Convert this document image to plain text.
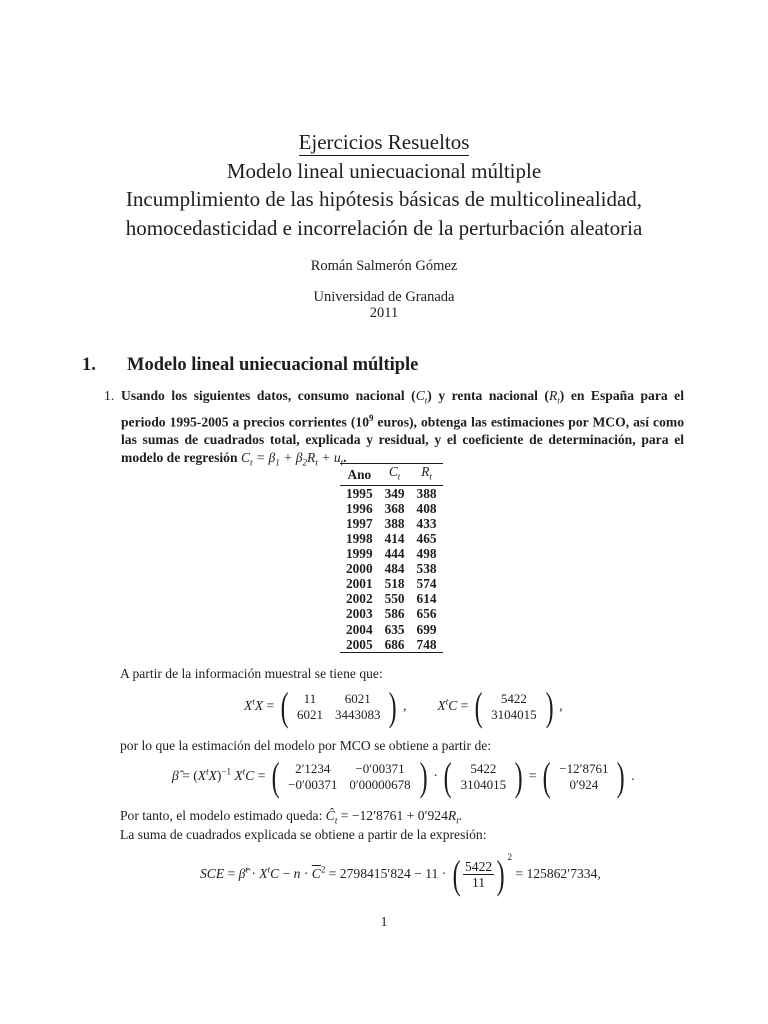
Ejercicios Resueltos
Modelo lineal uniecuacional múltiple
Incumplimiento de las hipótesis básicas de multicolinealidad,
homocedasticidad e incorrelación de la perturbación aleatoria
Román Salmerón Gómez
Universidad de Granada
2011
1. Modelo lineal uniecuacional múltiple
1. Usando los siguientes datos, consumo nacional $(C_t)$ y renta nacional $(R_t)$ en España para el periodo 1995-2005 a precios corrientes ($10^9$ euros), obtenga las estimaciones por MCO, así como las sumas de cuadrados total, explicada y residual, y el coeficiente de determinación, para el modelo de regresión $C_t = \beta_1 + \beta_2R_t + u_t$.
Ano	$C_t$	$R_t$
1995	349	388
1996	368	408
1997	388	433
1998	414	465
1999	444	498
2000	484	538
2001	518	574
2002	550	614
2003	586	656
2004	635	699
2005	686	748
A partir de la información muestral se tiene que:
$X^tX$ = ( 11	6021
6021	3443083 ) ,  $X^tC$ = ( 5422
3104015 ) ,
por lo que la estimación del modelo por MCO se obtiene a partir de:
β̂ = $(X^tX)^{-1}$ $X^tC$ = ( 2′1234	−0′00371
−0′00371	0′00000678 ) · ( 5422
3104015 ) = ( −12′8761
0′924 ) .
Por tanto, el modelo estimado queda: $Ĉ_t = -12'8761 + 0'924R_t$.
La suma de cuadrados explicada se obtiene a partir de la expresión:
SCE = β̂$^t$ · $X^tC - n \cdot \overline{C}^2 = 2798415'824 - 11$ · ( $\frac{5422}{11}$ ) $^2$ = 125862′7334,
1
